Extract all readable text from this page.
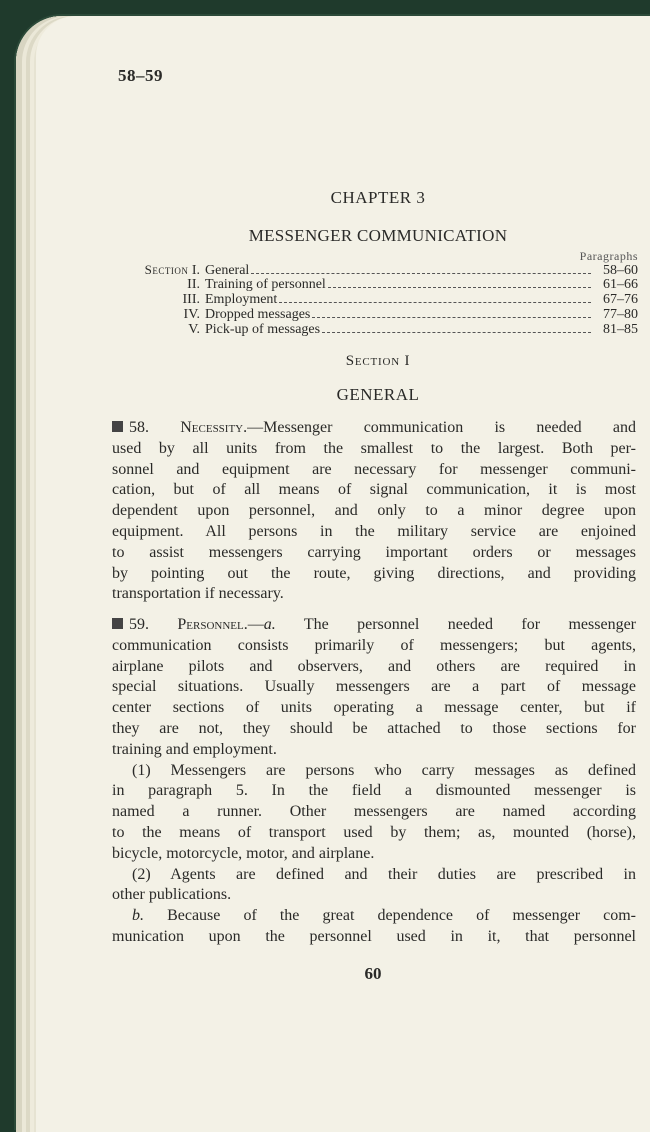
58–59
CHAPTER 3
MESSENGER COMMUNICATION
Paragraphs
Section I. General	58–60
II. Training of personnel	61–66
III. Employment	67–76
IV. Dropped messages	77–80
V. Pick-up of messages	81–85
Section I
GENERAL
58. Necessity.—Messenger communication is needed and
used by all units from the smallest to the largest. Both per-
sonnel and equipment are necessary for messenger communi-
cation, but of all means of signal communication, it is most
dependent upon personnel, and only to a minor degree upon
equipment. All persons in the military service are enjoined
to assist messengers carrying important orders or messages
by pointing out the route, giving directions, and providing
transportation if necessary.
59. Personnel.—a. The personnel needed for messenger
communication consists primarily of messengers; but agents,
airplane pilots and observers, and others are required in
special situations. Usually messengers are a part of message
center sections of units operating a message center, but if
they are not, they should be attached to those sections for
training and employment.
(1) Messengers are persons who carry messages as defined
in paragraph 5. In the field a dismounted messenger is
named a runner. Other messengers are named according
to the means of transport used by them; as, mounted (horse),
bicycle, motorcycle, motor, and airplane.
(2) Agents are defined and their duties are prescribed in
other publications.
b. Because of the great dependence of messenger com-
munication upon the personnel used in it, that personnel
60
